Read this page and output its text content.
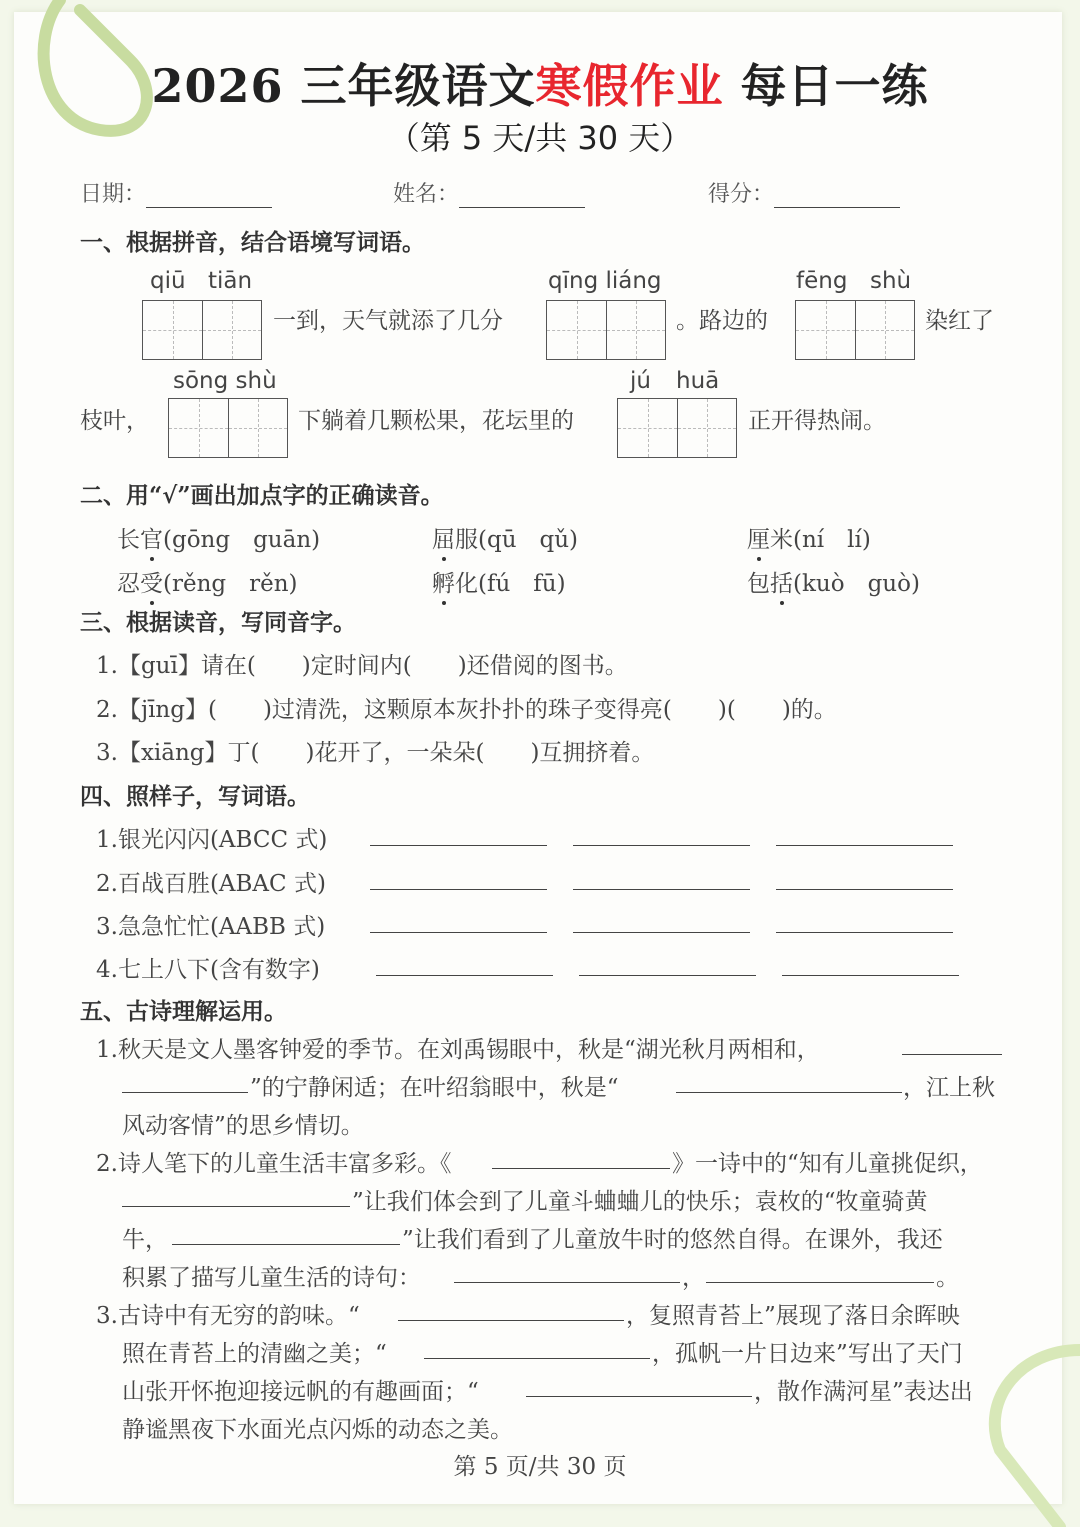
2026 三年级语文寒假作业 每日一练
（第 5 天/共 30 天）
日期：	姓名：	得分：
一、根据拼音，结合语境写词语。
qiū tiān
一到，天气就添了几分
qīng liáng
。路边的
fēng shù
染红了
枝叶，
sōng shù
下躺着几颗松果，花坛里的
jú huā
正开得热闹。
二、用“√”画出加点字的正确读音。
长官(gōng　guān)	屈服(qū　qǔ)	厘米(ní　lí)
忍受(rěng　rěn)	孵化(fú　fū)	包括(kuò　guò)
三、根据读音，写同音字。
1.【guī】请在(　　)定时间内(　　)还借阅的图书。
2.【jīng】(　　)过清洗，这颗原本灰扑扑的珠子变得亮(　　)(　　)的。
3.【xiāng】丁(　　)花开了，一朵朵(　　)互拥挤着。
四、照样子，写词语。
1.银光闪闪(ABCC 式)
2.百战百胜(ABAC 式)
3.急急忙忙(AABB 式)
4.七上八下(含有数字)
五、古诗理解运用。
1.秋天是文人墨客钟爱的季节。在刘禹锡眼中，秋是“湖光秋月两相和，
”的宁静闲适；在叶绍翁眼中，秋是“	，江上秋
风动客情”的思乡情切。
2.诗人笔下的儿童生活丰富多彩。《	》一诗中的“知有儿童挑促织，
”让我们体会到了儿童斗蛐蛐儿的快乐；袁枚的“牧童骑黄
牛，	”让我们看到了儿童放牛时的悠然自得。在课外，我还
积累了描写儿童生活的诗句：	，	。
3.古诗中有无穷的韵味。“	，复照青苔上”展现了落日余晖映
照在青苔上的清幽之美；“	，孤帆一片日边来”写出了天门
山张开怀抱迎接远帆的有趣画面；“	，散作满河星”表达出
静谧黑夜下水面光点闪烁的动态之美。
第 5 页/共 30 页
